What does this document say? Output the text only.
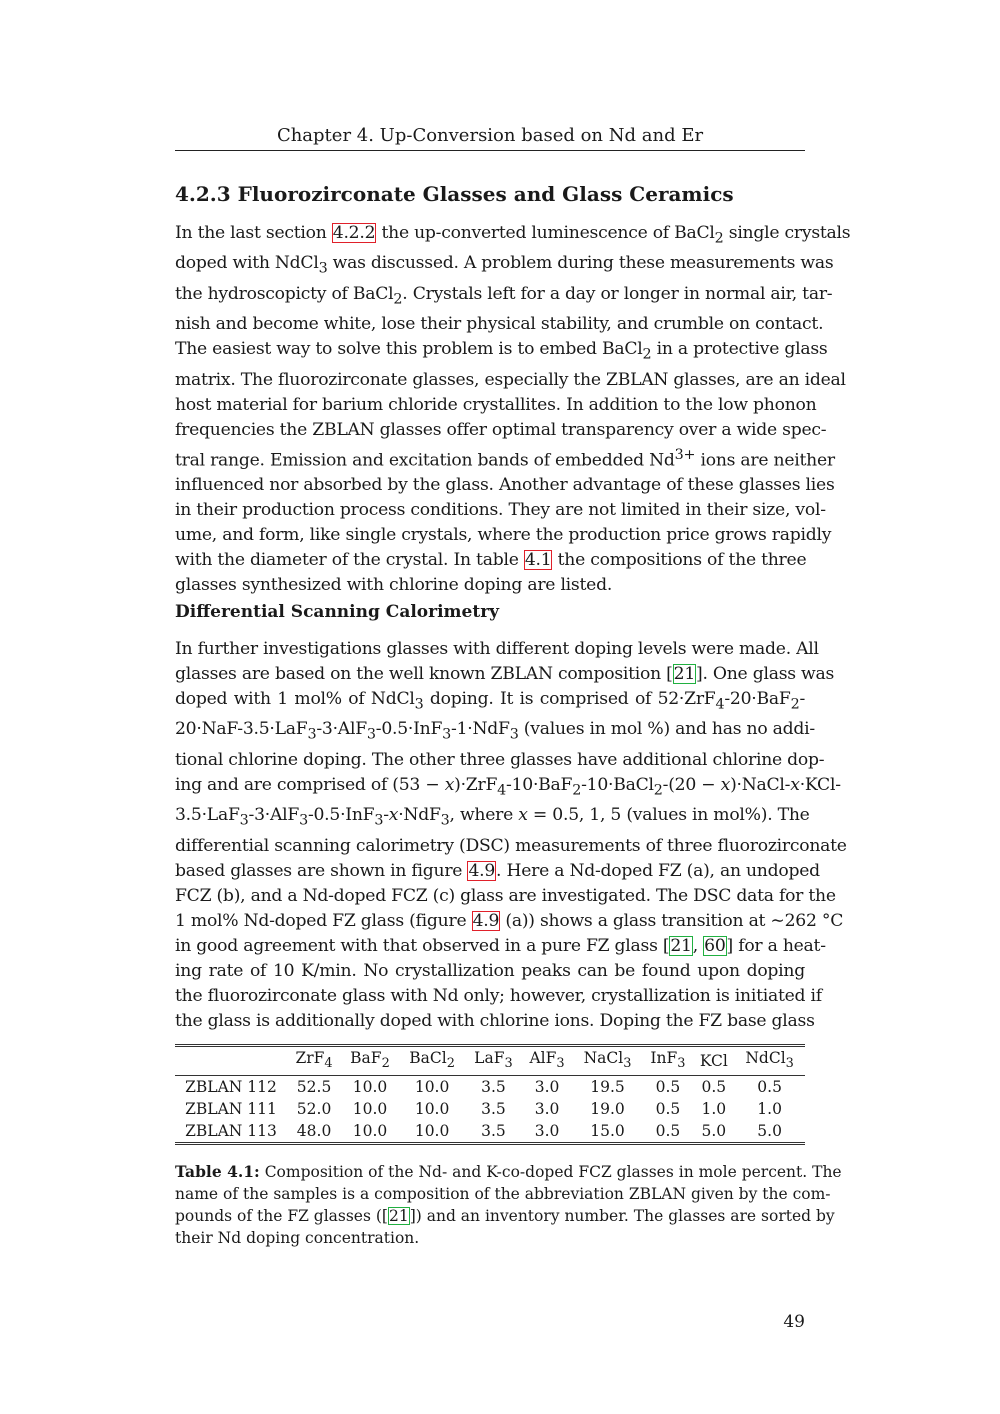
Chapter 4. Up-Conversion based on Nd and Er
4.2.3 Fluorozirconate Glasses and Glass Ceramics

In the last section 4.2.2 the up-converted luminescence of BaCl$_2$ single crystals
doped with NdCl$_3$ was discussed. A problem during these measurements was
the hydroscopicty of BaCl$_2$. Crystals left for a day or longer in normal air, tar-
nish and become white, lose their physical stability, and crumble on contact.
The easiest way to solve this problem is to embed BaCl$_2$ in a protective glass
matrix. The fluorozirconate glasses, especially the ZBLAN glasses, are an ideal
host material for barium chloride crystallites. In addition to the low phonon
frequencies the ZBLAN glasses offer optimal transparency over a wide spec-
tral range. Emission and excitation bands of embedded $Nd^{3+}$ ions are neither
influenced nor absorbed by the glass. Another advantage of these glasses lies
in their production process conditions. They are not limited in their size, vol-
ume, and form, like single crystals, where the production price grows rapidly
with the diameter of the crystal. In table 4.1 the compositions of the three
glasses synthesized with chlorine doping are listed.

Differential Scanning Calorimetry

In further investigations glasses with different doping levels were made. All
glasses are based on the well known ZBLAN composition [21]. One glass was
doped with 1 mol% of NdCl$_3$ doping. It is comprised of 52·ZrF$_4$-20·BaF$_2$-
20·NaF-3.5·LaF$_3$-3·AlF$_3$-0.5·InF$_3$-1·NdF$_3$ (values in mol %) and has no addi-
tional chlorine doping. The other three glasses have additional chlorine dop-
ing and are comprised of (53 − x)·ZrF$_4$-10·BaF$_2$-10·BaCl$_2$-(20 − x)·NaCl-x·KCl-
3.5·LaF$_3$-3·AlF$_3$-0.5·InF$_3$-x·NdF$_3$, where x = 0.5, 1, 5 (values in mol%). The
differential scanning calorimetry (DSC) measurements of three fluorozirconate
based glasses are shown in figure 4.9. Here a Nd-doped FZ (a), an undoped
FCZ (b), and a Nd-doped FCZ (c) glass are investigated. The DSC data for the
1 mol% Nd-doped FZ glass (figure 4.9 (a)) shows a glass transition at ∼262 °C
in good agreement with that observed in a pure FZ glass [21, 60] for a heat-
ing rate of 10 K/min. No crystallization peaks can be found upon doping
the fluorozirconate glass with Nd only; however, crystallization is initiated if
the glass is additionally doped with chlorine ions. Doping the FZ base glass

	ZrF$_4$	BaF$_2$	BaCl$_2$	LaF$_3$	AlF$_3$	NaCl$_3$	InF$_3$	KCl	NdCl$_3$
ZBLAN 112	52.5	10.0	10.0	3.5	3.0	19.5	0.5	0.5	0.5
ZBLAN 111	52.0	10.0	10.0	3.5	3.0	19.0	0.5	1.0	1.0
ZBLAN 113	48.0	10.0	10.0	3.5	3.0	15.0	0.5	5.0	5.0

Table 4.1: Composition of the Nd- and K-co-doped FCZ glasses in mole percent. The
name of the samples is a composition of the abbreviation ZBLAN given by the com-
pounds of the FZ glasses ([21]) and an inventory number. The glasses are sorted by
their Nd doping concentration.

49
